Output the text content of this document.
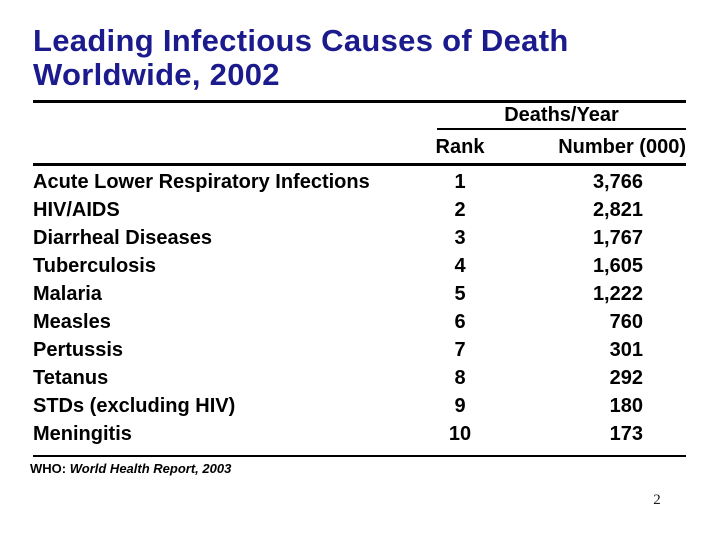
Leading Infectious Causes of Death
Worldwide, 2002
Deaths/Year
Rank	Number (000)
Acute Lower Respiratory Infections	1	3,766
HIV/AIDS	2	2,821
Diarrheal Diseases	3	1,767
Tuberculosis	4	1,605
Malaria	5	1,222
Measles	6	760
Pertussis	7	301
Tetanus	8	292
STDs (excluding HIV)	9	180
Meningitis	10	173
WHO: World Health Report, 2003
2
